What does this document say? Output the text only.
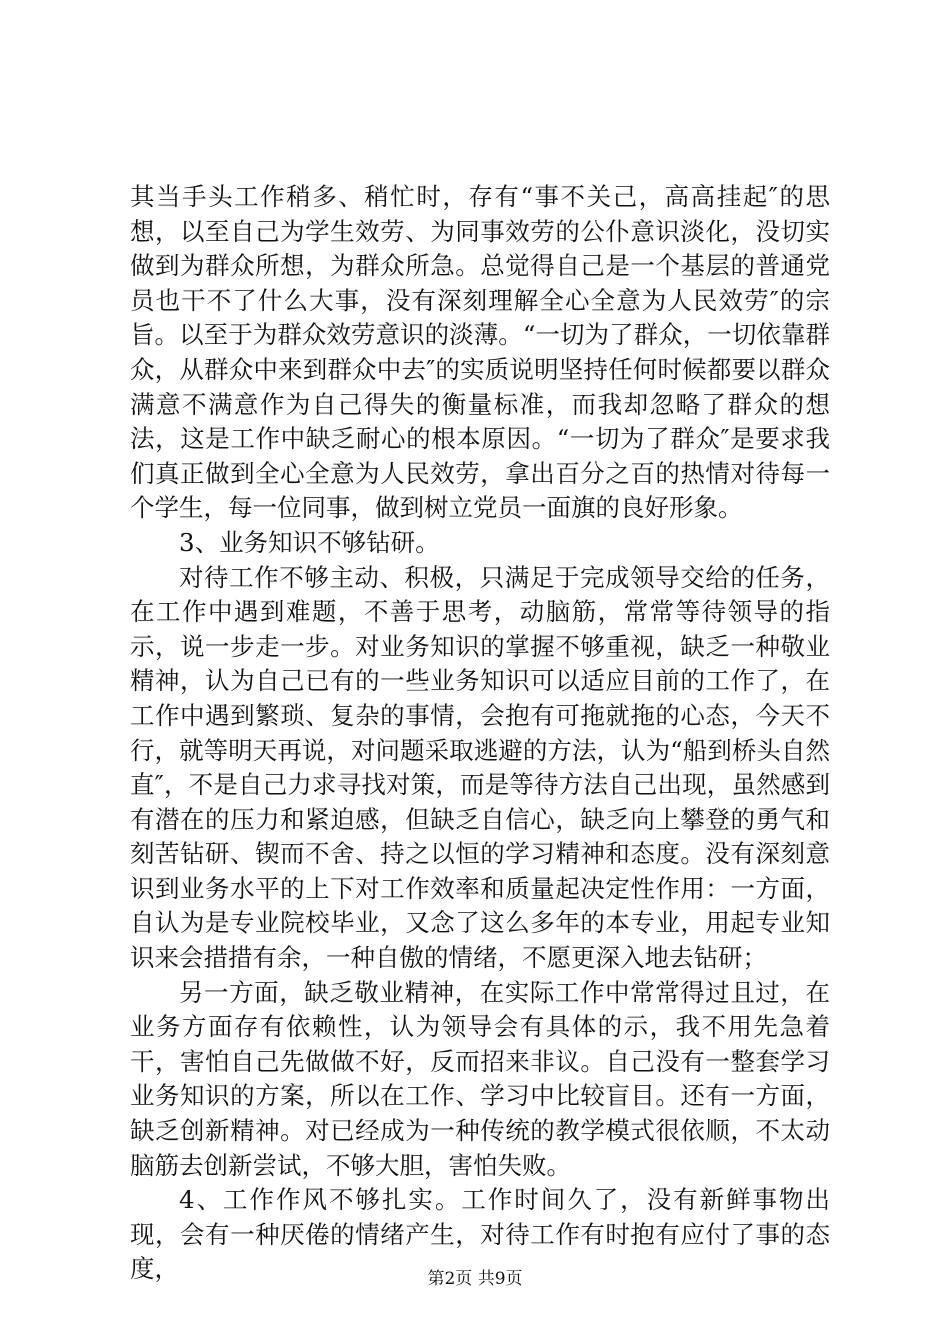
其当手头工作稍多、稍忙时，存有“事不关己，高高挂起″的思想，以至自己为学生效劳、为同事效劳的公仆意识淡化，没切实做到为群众所想，为群众所急。总觉得自己是一个基层的普通党员也干不了什么大事，没有深刻理解全心全意为人民效劳″的宗旨。以至于为群众效劳意识的淡薄。“一切为了群众，一切依靠群众，从群众中来到群众中去″的实质说明坚持任何时候都要以群众满意不满意作为自己得失的衡量标准，而我却忽略了群众的想法，这是工作中缺乏耐心的根本原因。“一切为了群众″是要求我们真正做到全心全意为人民效劳，拿出百分之百的热情对待每一个学生，每一位同事，做到树立党员一面旗的良好形象。

3、业务知识不够钻研。

对待工作不够主动、积极，只满足于完成领导交给的任务，在工作中遇到难题，不善于思考，动脑筋，常常等待领导的指示，说一步走一步。对业务知识的掌握不够重视，缺乏一种敬业精神，认为自己已有的一些业务知识可以适应目前的工作了，在工作中遇到繁琐、复杂的事情，会抱有可拖就拖的心态，今天不行，就等明天再说，对问题采取逃避的方法，认为“船到桥头自然直″，不是自己力求寻找对策，而是等待方法自己出现，虽然感到有潜在的压力和紧迫感，但缺乏自信心，缺乏向上攀登的勇气和刻苦钻研、锲而不舍、持之以恒的学习精神和态度。没有深刻意识到业务水平的上下对工作效率和质量起决定性作用：一方面，自认为是专业院校毕业，又念了这么多年的本专业，用起专业知识来会措措有余，一种自傲的情绪，不愿更深入地去钻研；

另一方面，缺乏敬业精神，在实际工作中常常得过且过，在业务方面存有依赖性，认为领导会有具体的示，我不用先急着干，害怕自己先做做不好，反而招来非议。自己没有一整套学习业务知识的方案，所以在工作、学习中比较盲目。还有一方面，缺乏创新精神。对已经成为一种传统的教学模式很依顺，不太动脑筋去创新尝试，不够大胆，害怕失败。

4、工作作风不够扎实。工作时间久了，没有新鲜事物出现，会有一种厌倦的情绪产生，对待工作有时抱有应付了事的态度，	第2页 共9页
